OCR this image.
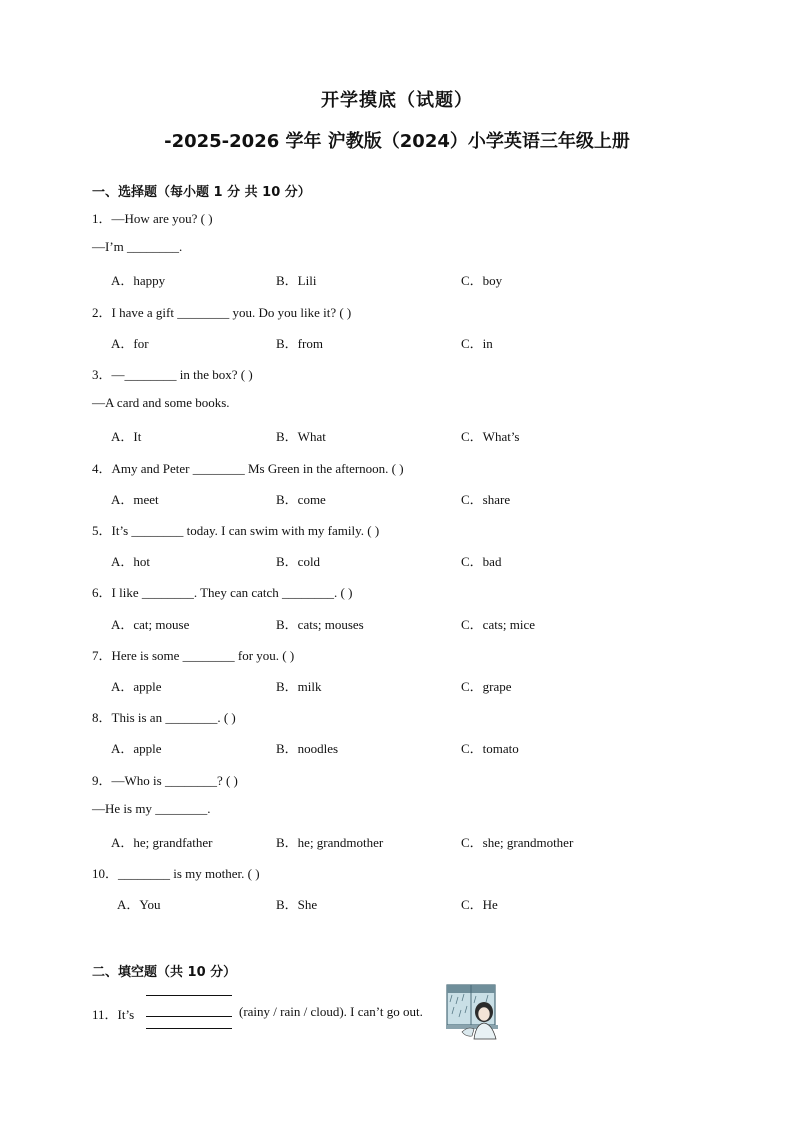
开学摸底（试题）
-2025-2026 学年 沪教版（2024）小学英语三年级上册
一、选择题（每小题 1 分 共 10 分）
1．—How are you? ( )
—I’m ________.
A．happy	B．Lili	C．boy
2．I have a gift ________ you. Do you like it? ( )
A．for	B．from	C．in
3．—________ in the box? ( )
—A card and some books.
A．It	B．What	C．What’s
4．Amy and Peter ________ Ms Green in the afternoon. ( )
A．meet	B．come	C．share
5．It’s ________ today. I can swim with my family. ( )
A．hot	B．cold	C．bad
6．I like ________. They can catch ________. ( )
A．cat; mouse	B．cats; mouses	C．cats; mice
7．Here is some ________ for you. ( )
A．apple	B．milk	C．grape
8．This is an ________. ( )
A．apple	B．noodles	C．tomato
9．—Who is ________? ( )
—He is my ________.
A．he; grandfather	B．he; grandmother	C．she; grandmother
10．________ is my mother. ( )
A．You	B．She	C．He
二、填空题（共 10 分）
11．It’s	(rainy / rain / cloud). I can’t go out.
